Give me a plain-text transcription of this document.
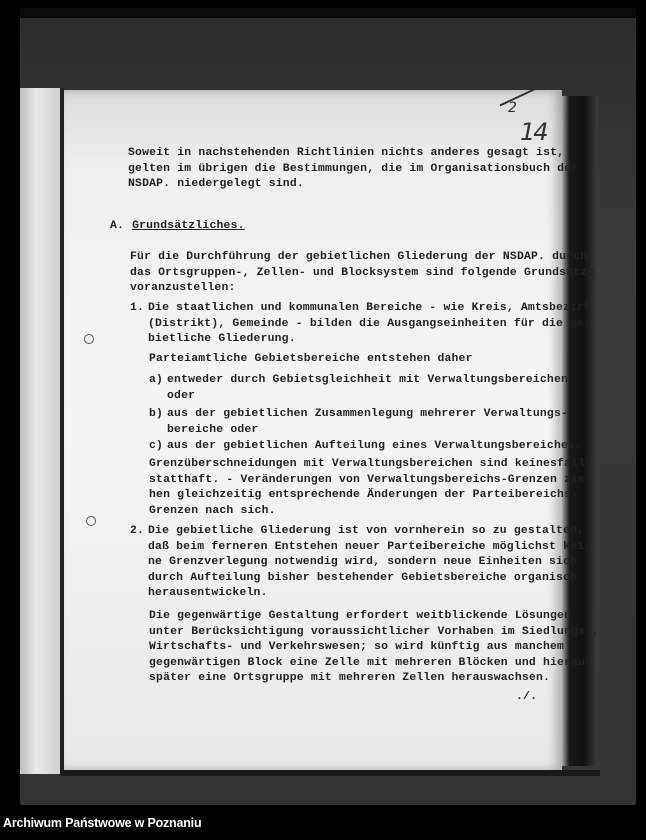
2
14
Soweit in nachstehenden Richtlinien nichts anderes gesagt ist,
gelten im übrigen die Bestimmungen, die im Organisationsbuch der
NSDAP. niedergelegt sind.
A. Grundsätzliches.
Für die Durchführung der gebietlichen Gliederung der NSDAP. durch
das Ortsgruppen-, Zellen- und Blocksystem sind folgende Grundsätze
voranzustellen:
1. Die staatlichen und kommunalen Bereiche - wie Kreis, Amtsbezirk
(Distrikt), Gemeinde - bilden die Ausgangseinheiten für die ge-
bietliche Gliederung.
Parteiamtliche Gebietsbereiche entstehen daher
a) entweder durch Gebietsgleichheit mit Verwaltungsbereichen
oder
b) aus der gebietlichen Zusammenlegung mehrerer Verwaltungs-
bereiche oder
c) aus der gebietlichen Aufteilung eines Verwaltungsbereiches.
Grenzüberschneidungen mit Verwaltungsbereichen sind keinesfalls
statthaft. - Veränderungen von Verwaltungsbereichs-Grenzen zie-
hen gleichzeitig entsprechende Änderungen der Parteibereichs-
Grenzen nach sich.
2. Die gebietliche Gliederung ist von vornherein so zu gestalten,
daß beim ferneren Entstehen neuer Parteibereiche möglichst kei-
ne Grenzverlegung notwendig wird, sondern neue Einheiten sich
durch Aufteilung bisher bestehender Gebietsbereiche organisch
herausentwickeln.
Die gegenwärtige Gestaltung erfordert weitblickende Lösungen
unter Berücksichtigung voraussichtlicher Vorhaben im Siedlungs-,
Wirtschafts- und Verkehrswesen; so wird künftig aus manchem
gegenwärtigen Block eine Zelle mit mehreren Blöcken und hieraus
später eine Ortsgruppe mit mehreren Zellen herauswachsen.
./.
Archiwum Państwowe w Poznaniu
